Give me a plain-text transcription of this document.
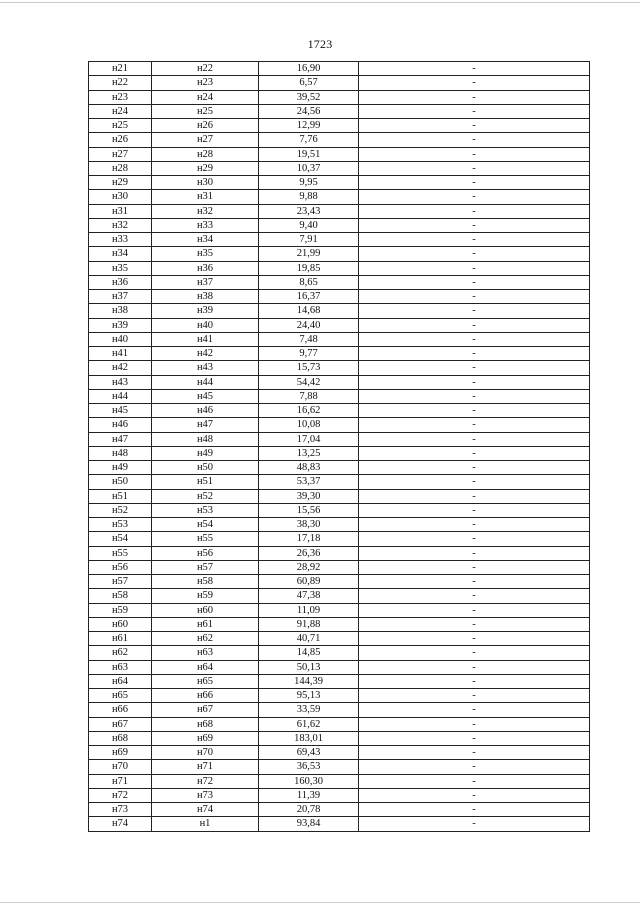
1723
н21	н22	16,90	-
н22	н23	6,57	-
н23	н24	39,52	-
н24	н25	24,56	-
н25	н26	12,99	-
н26	н27	7,76	-
н27	н28	19,51	-
н28	н29	10,37	-
н29	н30	9,95	-
н30	н31	9,88	-
н31	н32	23,43	-
н32	н33	9,40	-
н33	н34	7,91	-
н34	н35	21,99	-
н35	н36	19,85	-
н36	н37	8,65	-
н37	н38	16,37	-
н38	н39	14,68	-
н39	н40	24,40	-
н40	н41	7,48	-
н41	н42	9,77	-
н42	н43	15,73	-
н43	н44	54,42	-
н44	н45	7,88	-
н45	н46	16,62	-
н46	н47	10,08	-
н47	н48	17,04	-
н48	н49	13,25	-
н49	н50	48,83	-
н50	н51	53,37	-
н51	н52	39,30	-
н52	н53	15,56	-
н53	н54	38,30	-
н54	н55	17,18	-
н55	н56	26,36	-
н56	н57	28,92	-
н57	н58	60,89	-
н58	н59	47,38	-
н59	н60	11,09	-
н60	н61	91,88	-
н61	н62	40,71	-
н62	н63	14,85	-
н63	н64	50,13	-
н64	н65	144,39	-
н65	н66	95,13	-
н66	н67	33,59	-
н67	н68	61,62	-
н68	н69	183,01	-
н69	н70	69,43	-
н70	н71	36,53	-
н71	н72	160,30	-
н72	н73	11,39	-
н73	н74	20,78	-
н74	н1	93,84	-
